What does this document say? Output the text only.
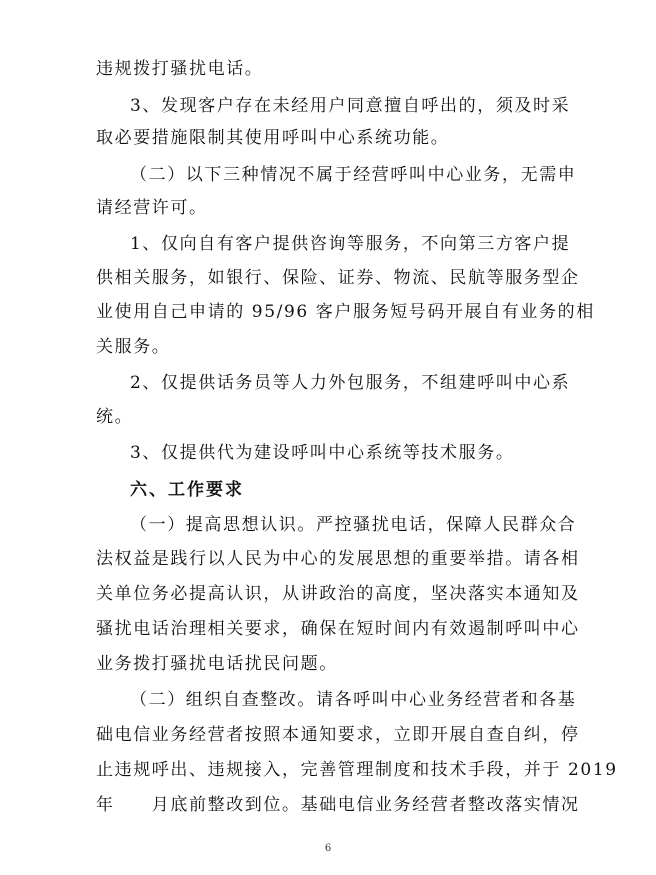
违规拨打骚扰电话。
3、发现客户存在未经用户同意擅自呼出的，须及时采
取必要措施限制其使用呼叫中心系统功能。
（二）以下三种情况不属于经营呼叫中心业务，无需申
请经营许可。
1、仅向自有客户提供咨询等服务，不向第三方客户提
供相关服务，如银行、保险、证券、物流、民航等服务型企
业使用自己申请的 95/96 客户服务短号码开展自有业务的相
关服务。
2、仅提供话务员等人力外包服务，不组建呼叫中心系
统。
3、仅提供代为建设呼叫中心系统等技术服务。
六、工作要求
（一）提高思想认识。严控骚扰电话，保障人民群众合
法权益是践行以人民为中心的发展思想的重要举措。请各相
关单位务必提高认识，从讲政治的高度，坚决落实本通知及
骚扰电话治理相关要求，确保在短时间内有效遏制呼叫中心
业务拨打骚扰电话扰民问题。
（二）组织自查整改。请各呼叫中心业务经营者和各基
础电信业务经营者按照本通知要求，立即开展自查自纠，停
止违规呼出、违规接入，完善管理制度和技术手段，并于 2019
年　　月底前整改到位。基础电信业务经营者整改落实情况
6
